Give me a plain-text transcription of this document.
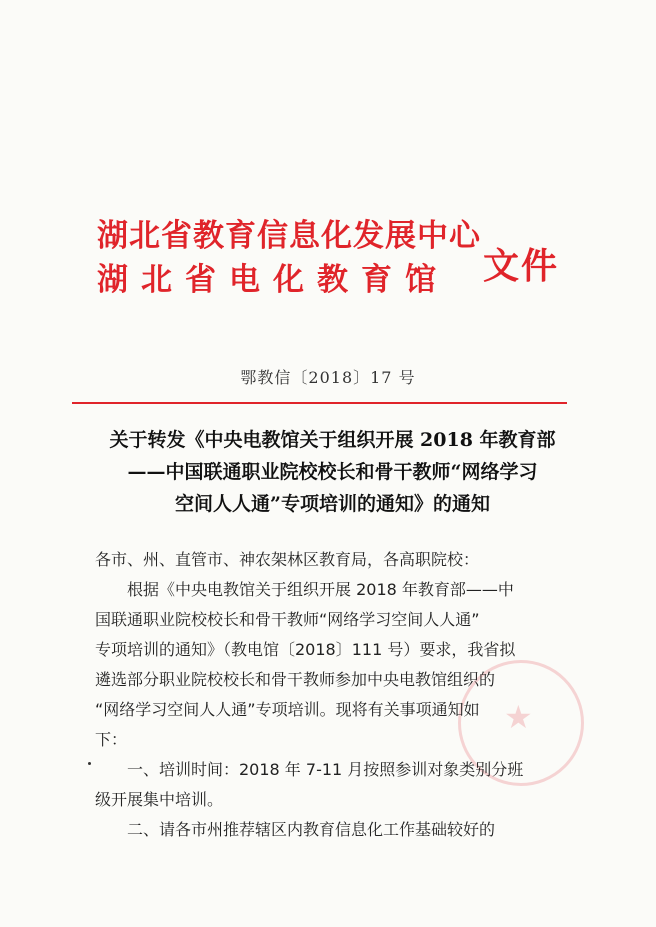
湖北省教育信息化发展中心
湖北省电化教育馆 文件
鄂教信〔2018〕17 号
关于转发《中央电教馆关于组织开展 2018 年教育部
——中国联通职业院校校长和骨干教师“网络学习
空间人人通”专项培训的通知》的通知
★

各市、州、直管市、神农架林区教育局，各高职院校：

根据《中央电教馆关于组织开展 2018 年教育部——中

国联通职业院校校长和骨干教师“网络学习空间人人通”

专项培训的通知》（教电馆〔2018〕111 号）要求，我省拟

遴选部分职业院校校长和骨干教师参加中央电教馆组织的

“网络学习空间人人通”专项培训。现将有关事项通知如

下：

一、培训时间：2018 年 7-11 月按照参训对象类别分班

级开展集中培训。

二、请各市州推荐辖区内教育信息化工作基础较好的
